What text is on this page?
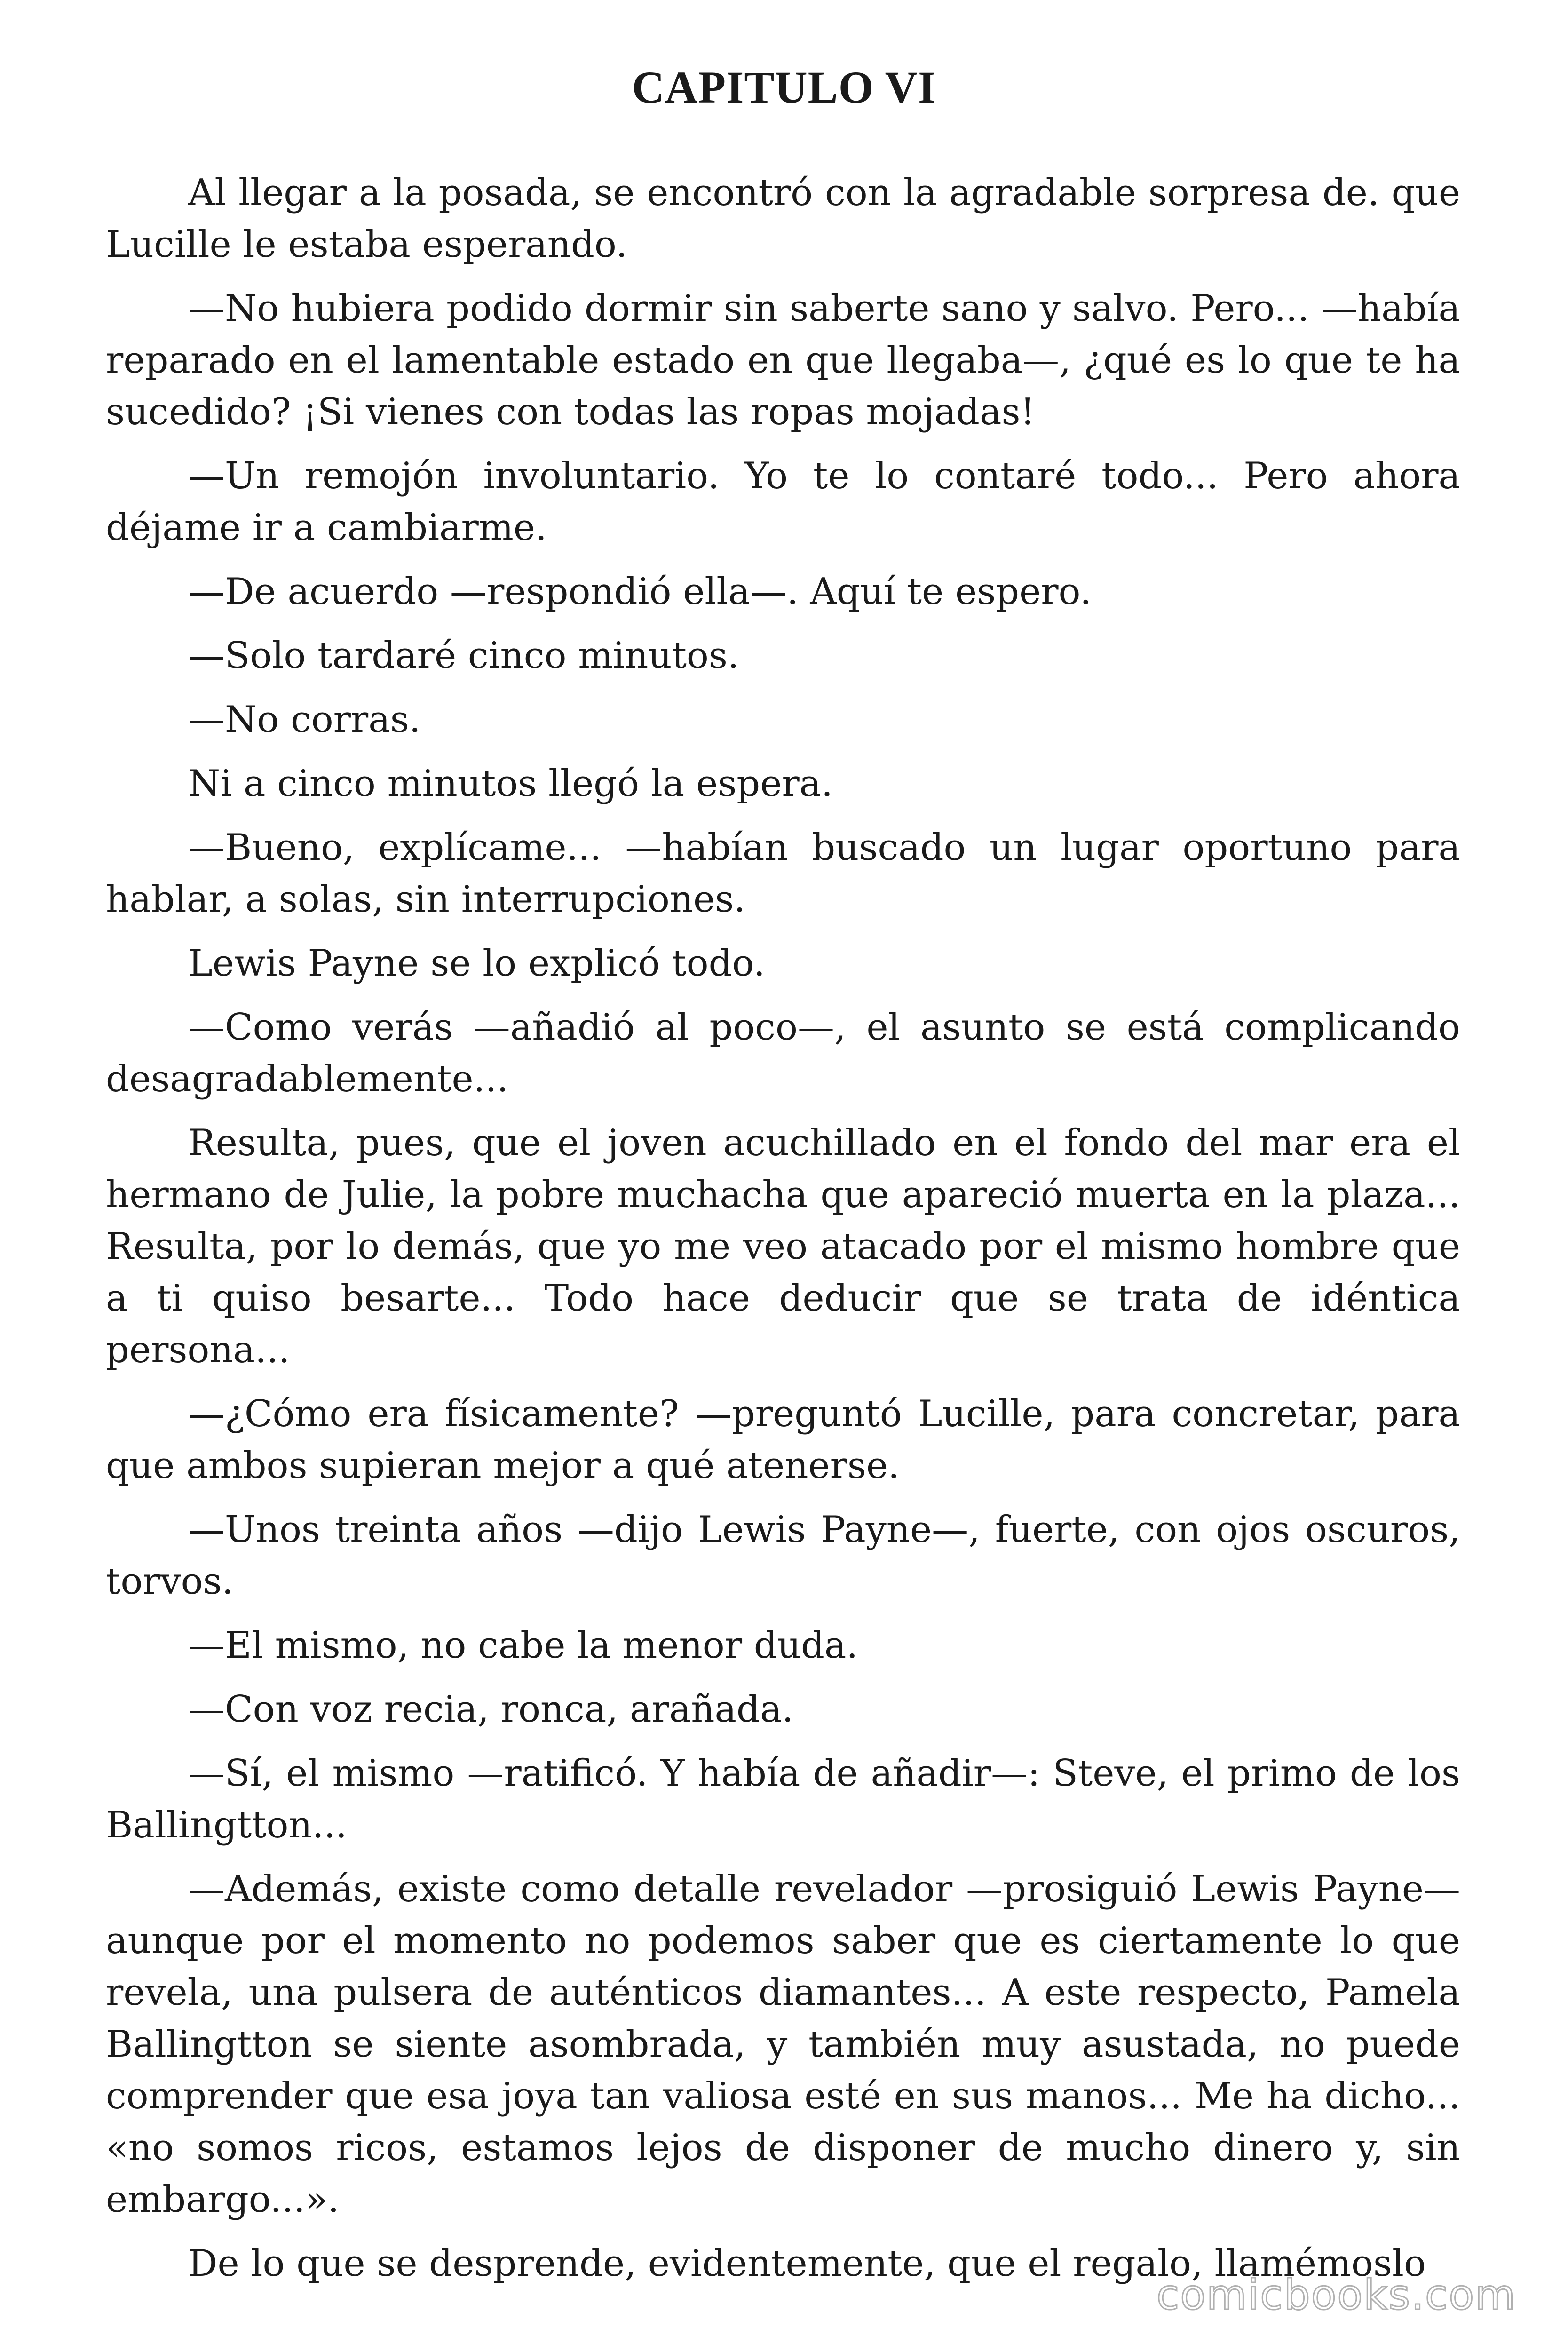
CAPITULO VI

Al llegar a la posada, se encontró con la agradable sorpresa de. que Lucille le estaba esperando.

—No hubiera podido dormir sin saberte sano y salvo. Pero... —había reparado en el lamentable estado en que llegaba—, ¿qué es lo que te ha sucedido? ¡Si vienes con todas las ropas mojadas!

—Un remojón involuntario. Yo te lo contaré todo... Pero ahora déjame ir a cambiarme.

—De acuerdo —respondió ella—. Aquí te espero.

—Solo tardaré cinco minutos.

—No corras.

Ni a cinco minutos llegó la espera.

—Bueno, explícame... —habían buscado un lugar oportuno para hablar, a solas, sin interrupciones.

Lewis Payne se lo explicó todo.

—Como verás —añadió al poco—, el asunto se está complicando desagradablemente...

Resulta, pues, que el joven acuchillado en el fondo del mar era el hermano de Julie, la pobre muchacha que apareció muerta en la plaza... Resulta, por lo demás, que yo me veo atacado por el mismo hombre que a ti quiso besarte... Todo hace deducir que se trata de idéntica persona...

—¿Cómo era físicamente? —preguntó Lucille, para concretar, para que ambos supieran mejor a qué atenerse.

—Unos treinta años —dijo Lewis Payne—, fuerte, con ojos oscuros, torvos.

—El mismo, no cabe la menor duda.

—Con voz recia, ronca, arañada.

—Sí, el mismo —ratificó. Y había de añadir—: Steve, el primo de los Ballingtton...

—Además, existe como detalle revelador —prosiguió Lewis Payne— aunque por el momento no podemos saber que es ciertamente lo que revela, una pulsera de auténticos diamantes... A este respecto, Pamela Ballingtton se siente asombrada, y también muy asustada, no puede comprender que esa joya tan valiosa esté en sus manos... Me ha dicho... «no somos ricos, estamos lejos de disponer de mucho dinero y, sin embargo...».

De lo que se desprende, evidentemente, que el regalo, llamémoslo

comicbooks.com
